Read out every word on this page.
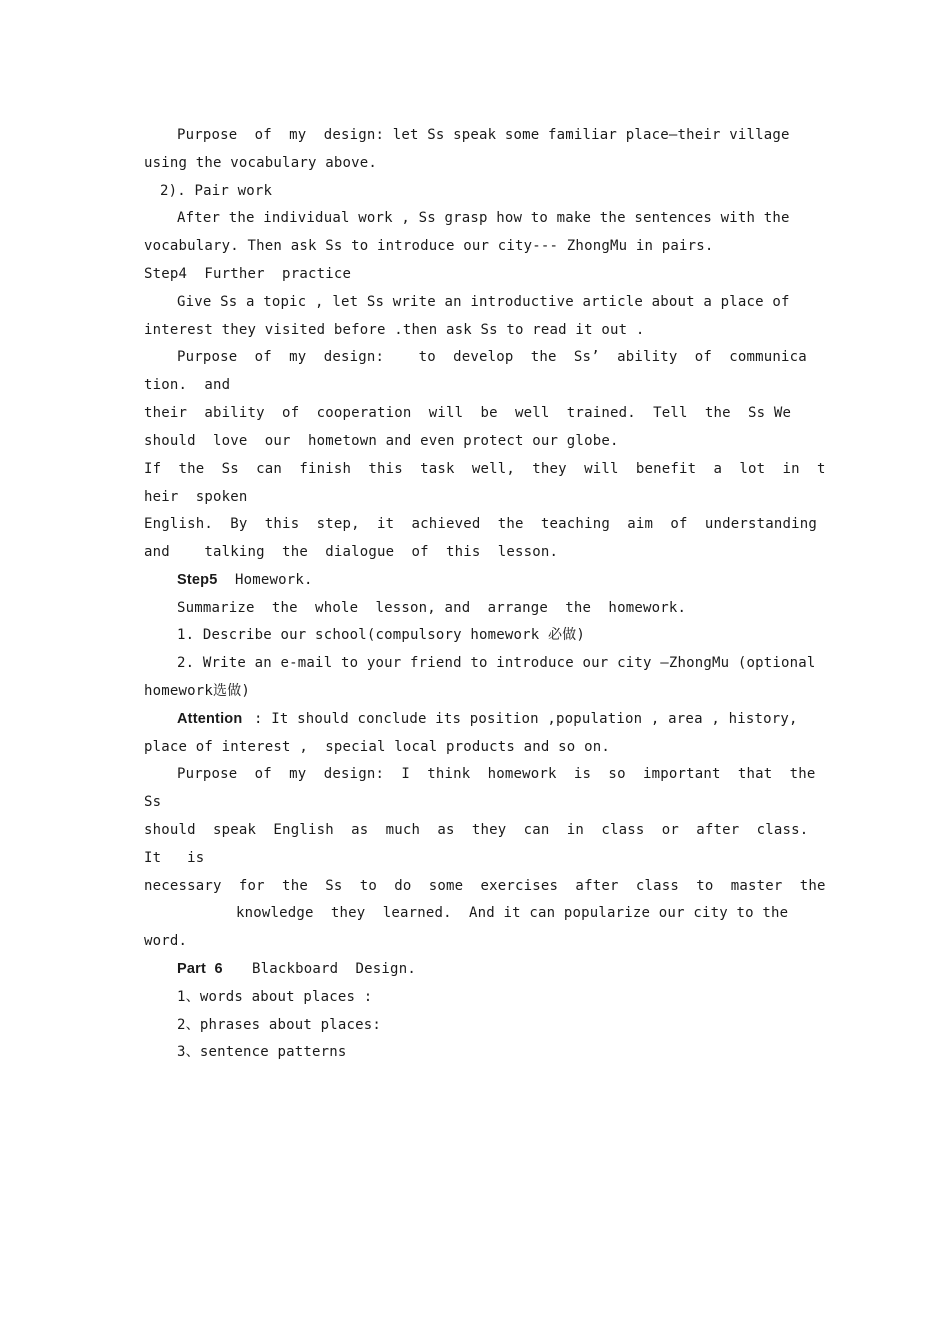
Purpose  of  my  design: let Ss speak some familiar place—their village
using the vocabulary above.
2). Pair work
After the individual work , Ss grasp how to make the sentences with the
vocabulary. Then ask Ss to introduce our city--- ZhongMu in pairs.
Step4  Further  practice
Give Ss a topic , let Ss write an introductive article about a place of
interest they visited before .then ask Ss to read it out .
Purpose  of  my  design:    to  develop  the  Ss’  ability  of  communica
tion.  and
their  ability  of  cooperation  will  be  well  trained.  Tell  the  Ss We
should  love  our  hometown and even protect our globe.
If  the  Ss  can  finish  this  task  well,  they  will  benefit  a  lot  in  t
heir  spoken
English.  By  this  step,  it  achieved  the  teaching  aim  of  understanding
and    talking  the  dialogue  of  this  lesson.
Step5 Homework.
Summarize  the  whole  lesson, and  arrange  the  homework.
1. Describe our school(compulsory homework 必做)
2. Write an e-mail to your friend to introduce our city —ZhongMu (optional
homework选做)
Attention : It should conclude its position ,population , area , history,
place of interest ,  special local products and so on.
Purpose  of  my  design:  I  think  homework  is  so  important  that  the
Ss
should  speak  English  as  much  as  they  can  in  class  or  after  class.
It   is
necessary  for  the  Ss  to  do  some  exercises  after  class  to  master  the
knowledge  they  learned.  And it can popularize our city to the
word.
Part  6 Blackboard  Design.
1、words about places :
2、phrases about places:
3、sentence patterns
